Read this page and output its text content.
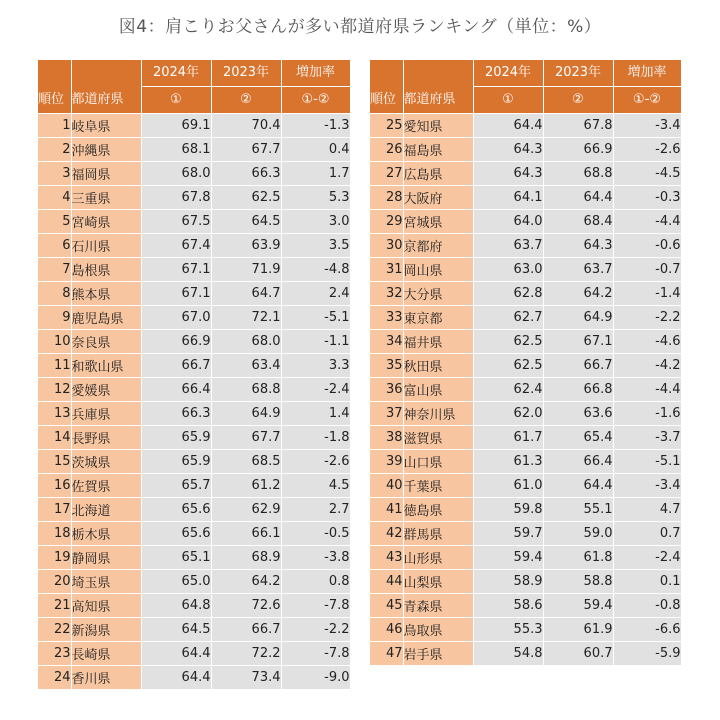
図4：肩こりお父さんが多い都道府県ランキング（単位：%）
順位	都道府県	2024年	2023年	増加率
		①	②	①-②
1	岐阜県	69.1	70.4	-1.3
2	沖縄県	68.1	67.7	0.4
3	福岡県	68.0	66.3	1.7
4	三重県	67.8	62.5	5.3
5	宮崎県	67.5	64.5	3.0
6	石川県	67.4	63.9	3.5
7	島根県	67.1	71.9	-4.8
8	熊本県	67.1	64.7	2.4
9	鹿児島県	67.0	72.1	-5.1
10	奈良県	66.9	68.0	-1.1
11	和歌山県	66.7	63.4	3.3
12	愛媛県	66.4	68.8	-2.4
13	兵庫県	66.3	64.9	1.4
14	長野県	65.9	67.7	-1.8
15	茨城県	65.9	68.5	-2.6
16	佐賀県	65.7	61.2	4.5
17	北海道	65.6	62.9	2.7
18	栃木県	65.6	66.1	-0.5
19	静岡県	65.1	68.9	-3.8
20	埼玉県	65.0	64.2	0.8
21	高知県	64.8	72.6	-7.8
22	新潟県	64.5	66.7	-2.2
23	長崎県	64.4	72.2	-7.8
24	香川県	64.4	73.4	-9.0
順位	都道府県	2024年	2023年	増加率
		①	②	①-②
25	愛知県	64.4	67.8	-3.4
26	福島県	64.3	66.9	-2.6
27	広島県	64.3	68.8	-4.5
28	大阪府	64.1	64.4	-0.3
29	宮城県	64.0	68.4	-4.4
30	京都府	63.7	64.3	-0.6
31	岡山県	63.0	63.7	-0.7
32	大分県	62.8	64.2	-1.4
33	東京都	62.7	64.9	-2.2
34	福井県	62.5	67.1	-4.6
35	秋田県	62.5	66.7	-4.2
36	富山県	62.4	66.8	-4.4
37	神奈川県	62.0	63.6	-1.6
38	滋賀県	61.7	65.4	-3.7
39	山口県	61.3	66.4	-5.1
40	千葉県	61.0	64.4	-3.4
41	徳島県	59.8	55.1	4.7
42	群馬県	59.7	59.0	0.7
43	山形県	59.4	61.8	-2.4
44	山梨県	58.9	58.8	0.1
45	青森県	58.6	59.4	-0.8
46	鳥取県	55.3	61.9	-6.6
47	岩手県	54.8	60.7	-5.9
